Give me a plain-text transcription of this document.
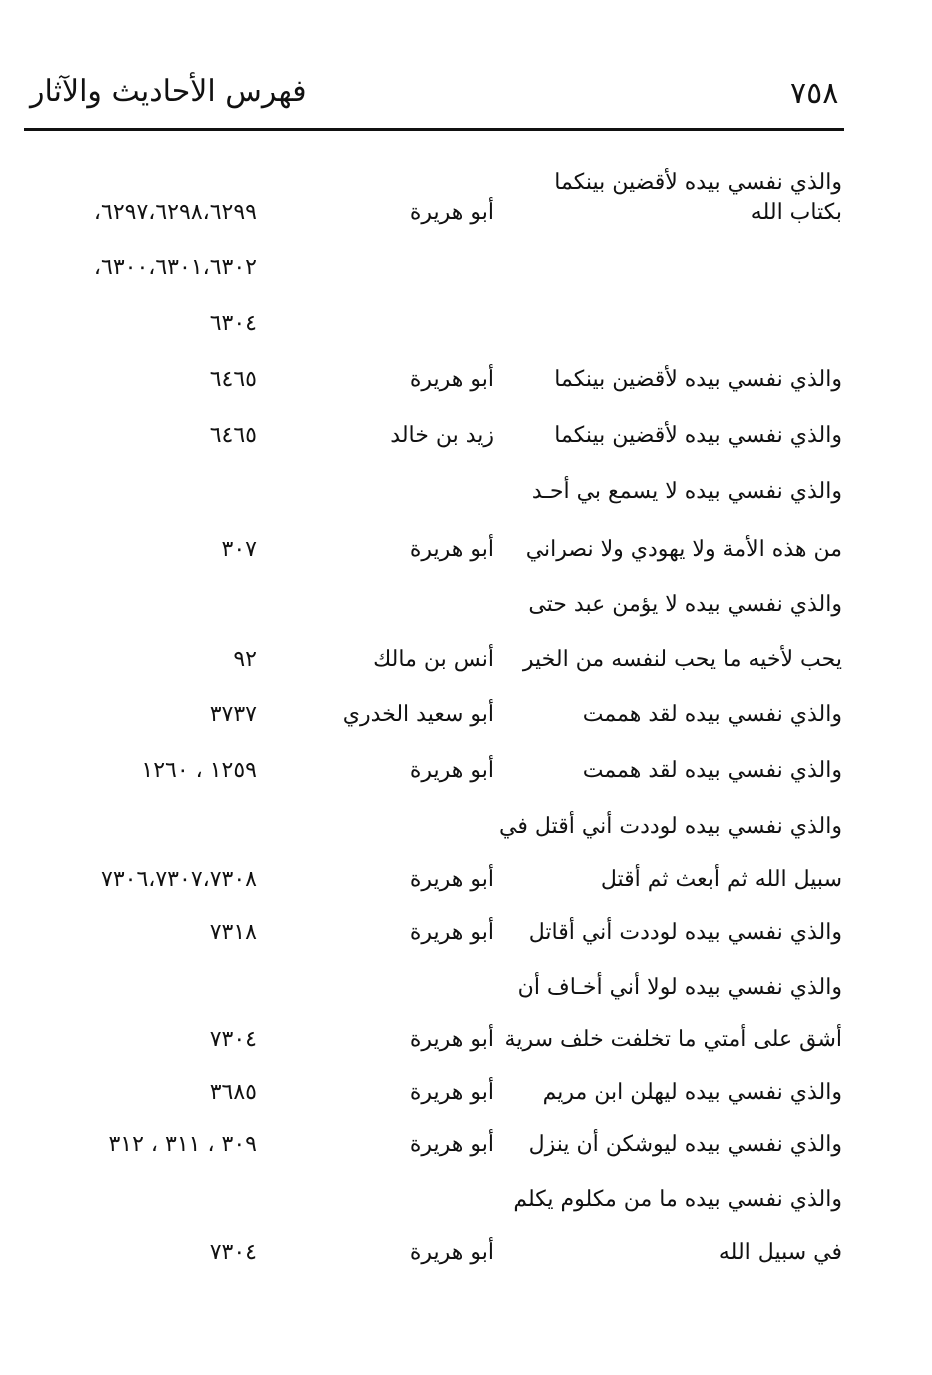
فهرس الأحاديث والآثار	٧٥٨
والذي نفسي بيده لأقضين بينكما
بكتاب الله
أبو هريرة
٦٢٩٧،٦٢٩٨،٦٢٩٩،
٦٣٠٠،٦٣٠١،٦٣٠٢،
٦٣٠٤
والذي نفسي بيده لأقضين بينكما
أبو هريرة
٦٤٦٥
والذي نفسي بيده لأقضين بينكما
زيد بن خالد
٦٤٦٥
والذي نفسي بيده لا يسمع بي أحـد
من هذه الأمة ولا يهودي ولا نصراني
أبو هريرة
٣٠٧
والذي نفسي بيده لا يؤمن عبد حتى
يحب لأخيه ما يحب لنفسه من الخير
أنس بن مالك
٩٢
والذي نفسي بيده لقد هممت
أبو سعيد الخدري
٣٧٣٧
والذي نفسي بيده لقد هممت
أبو هريرة
١٢٥٩ ، ١٢٦٠
والذي نفسي بيده لوددت أني أقتل في
سبيل الله ثم أبعث ثم أقتل
أبو هريرة
٧٣٠٦،٧٣٠٧،٧٣٠٨
والذي نفسي بيده لوددت أني أقاتل
أبو هريرة
٧٣١٨
والذي نفسي بيده لولا أني أخـاف أن
أشق على أمتي ما تخلفت خلف سرية
أبو هريرة
٧٣٠٤
والذي نفسي بيده ليهلن ابن مريم
أبو هريرة
٣٦٨٥
والذي نفسي بيده ليوشكن أن ينزل
أبو هريرة
٣٠٩ ، ٣١١ ، ٣١٢
والذي نفسي بيده ما من مكلوم يكلم
في سبيل الله
أبو هريرة
٧٣٠٤
